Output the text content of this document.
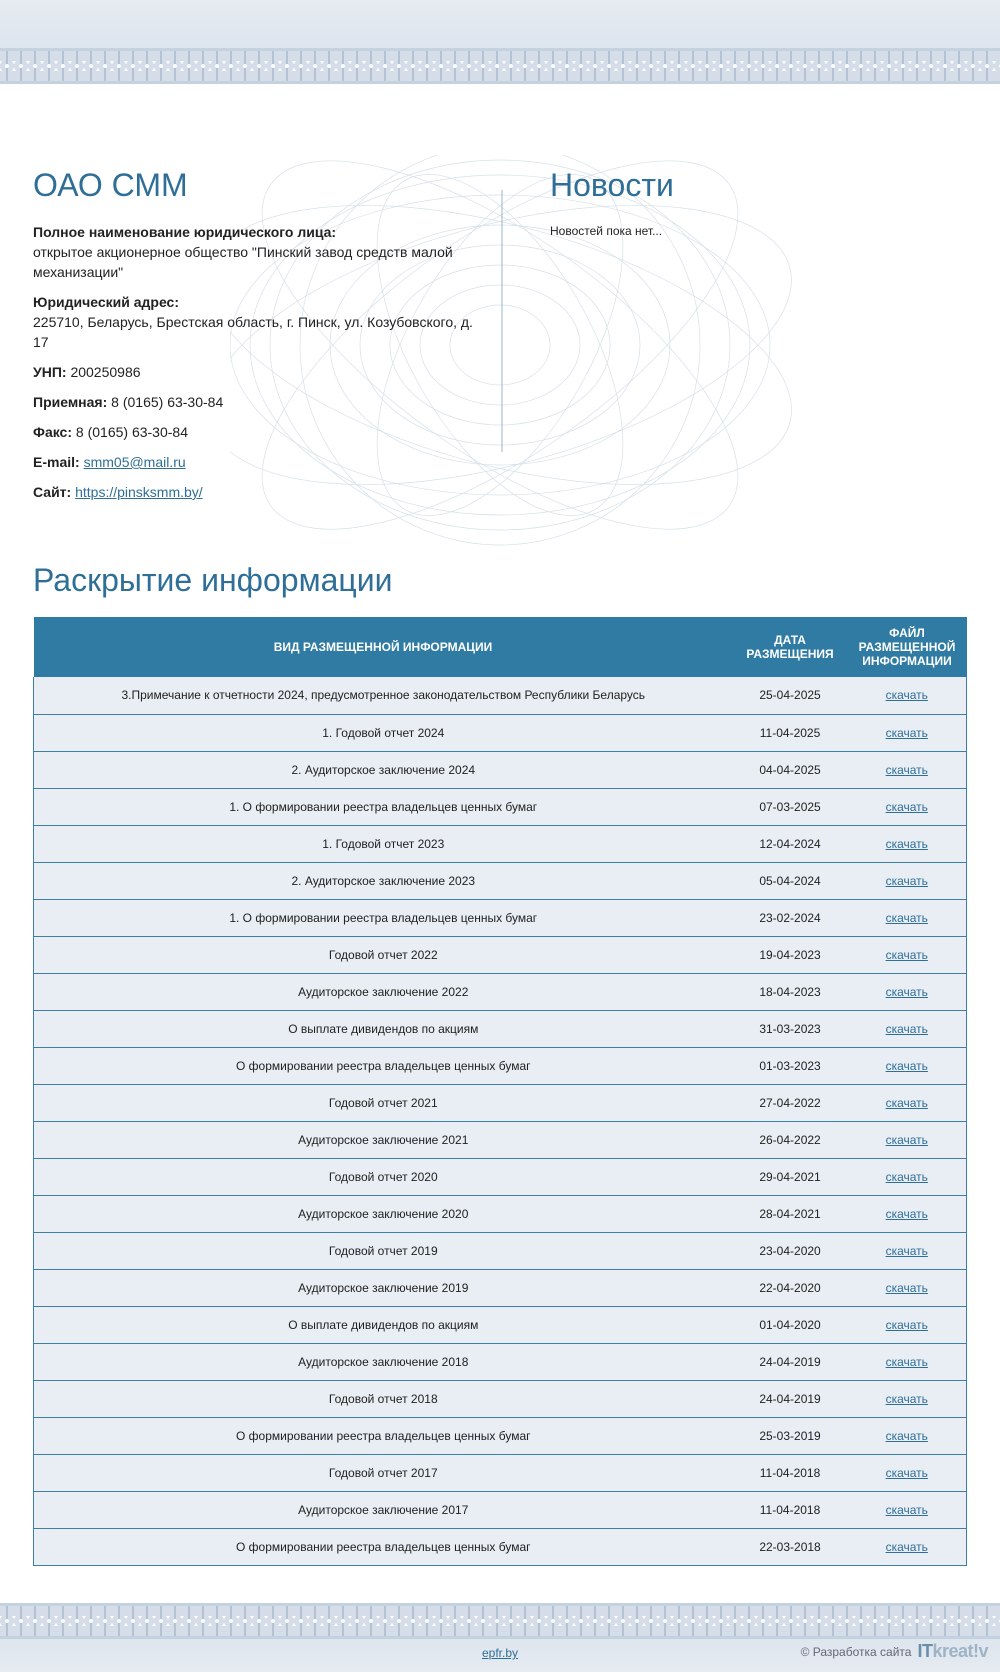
ОАО СММ

Полное наименование юридического лица:
открытое акционерное общество "Пинский завод средств малой механизации"

Юридический адрес:
225710, Беларусь, Брестская область, г. Пинск, ул. Козубовского, д. 17

УНП: 200250986

Приемная: 8 (0165) 63-30-84

Факс: 8 (0165) 63-30-84

E-mail: smm05@mail.ru

Сайт: https://pinsksmm.by/

Новости
Новостей пока нет...
Раскрытие информации
ВИД РАЗМЕЩЕННОЙ ИНФОРМАЦИИ	ДАТА РАЗМЕЩЕНИЯ	ФАЙЛ РАЗМЕЩЕННОЙ ИНФОРМАЦИИ
3.Примечание к отчетности 2024, предусмотренное законодательством Республики Беларусь	25-04-2025	скачать
1. Годовой отчет 2024	11-04-2025	скачать
2. Аудиторское заключение 2024	04-04-2025	скачать
1. О формировании реестра владельцев ценных бумаг	07-03-2025	скачать
1. Годовой отчет 2023	12-04-2024	скачать
2. Аудиторское заключение 2023	05-04-2024	скачать
1. О формировании реестра владельцев ценных бумаг	23-02-2024	скачать
Годовой отчет 2022	19-04-2023	скачать
Аудиторское заключение 2022	18-04-2023	скачать
О выплате дивидендов по акциям	31-03-2023	скачать
О формировании реестра владельцев ценных бумаг	01-03-2023	скачать
Годовой отчет 2021	27-04-2022	скачать
Аудиторское заключение 2021	26-04-2022	скачать
Годовой отчет 2020	29-04-2021	скачать
Аудиторское заключение 2020	28-04-2021	скачать
Годовой отчет 2019	23-04-2020	скачать
Аудиторское заключение 2019	22-04-2020	скачать
О выплате дивидендов по акциям	01-04-2020	скачать
Аудиторское заключение 2018	24-04-2019	скачать
Годовой отчет 2018	24-04-2019	скачать
О формировании реестра владельцев ценных бумаг	25-03-2019	скачать
Годовой отчет 2017	11-04-2018	скачать
Аудиторское заключение 2017	11-04-2018	скачать
О формировании реестра владельцев ценных бумаг	22-03-2018	скачать
epfr.by	© Разработка сайта ITkreat!v
